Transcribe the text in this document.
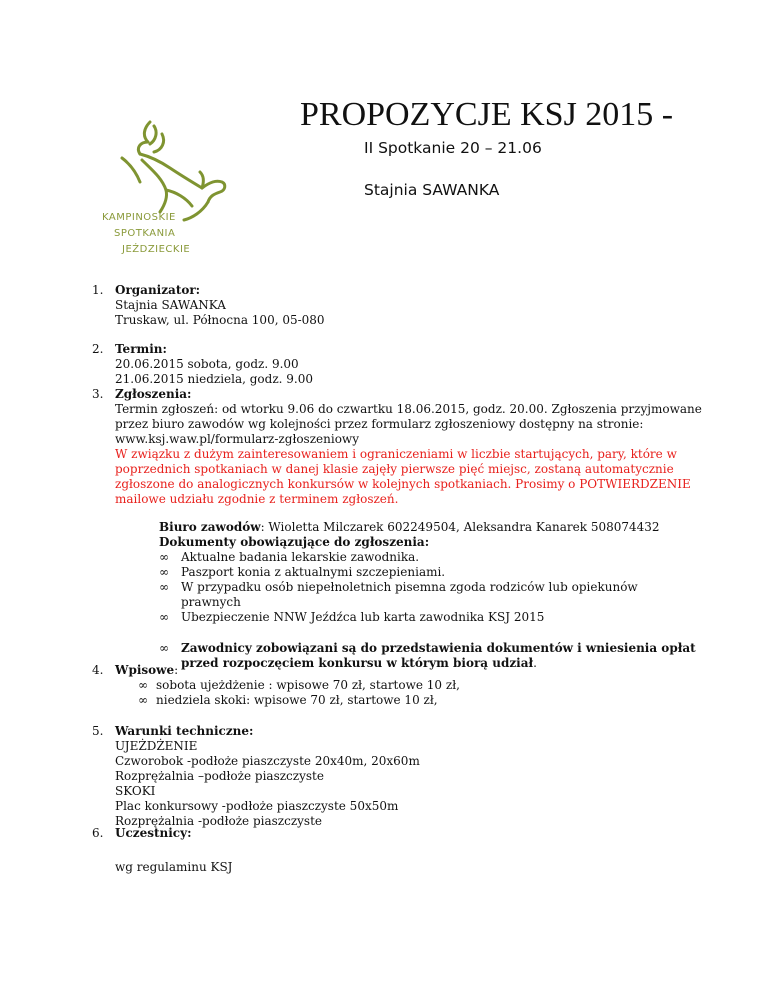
PROPOZYCJE KSJ 2015 -
II Spotkanie 20 – 21.06
Stajnia SAWANKA
KAMPINOSKIE
SPOTKANIA
JEŹDZIECKIE
1. Organizator:
Stajnia SAWANKA
Truskaw, ul. Północna 100, 05-080
2. Termin:
20.06.2015 sobota, godz. 9.00
21.06.2015 niedziela, godz. 9.00
3. Zgłoszenia:
Termin zgłoszeń: od wtorku 9.06 do czwartku 18.06.2015, godz. 20.00. Zgłoszenia przyjmowane
przez biuro zawodów wg kolejności przez formularz zgłoszeniowy dostępny na stronie:
www.ksj.waw.pl/formularz-zgłoszeniowy
W związku z dużym zainteresowaniem i ograniczeniami w liczbie startujących, pary, które w
poprzednich spotkaniach w danej klasie zajęły pierwsze pięć miejsc, zostaną automatycznie
zgłoszone do analogicznych konkursów w kolejnych spotkaniach. Prosimy o POTWIERDZENIE
mailowe udziału zgodnie z terminem zgłoszeń.
Biuro zawodów: Wioletta Milczarek 602249504, Aleksandra Kanarek 508074432
Dokumenty obowiązujące do zgłoszenia:
∞ Aktualne badania lekarskie zawodnika.
∞ Paszport konia z aktualnymi szczepieniami.
∞ W przypadku osób niepełnoletnich pisemna zgoda rodziców lub opiekunów
prawnych
∞ Ubezpieczenie NNW Jeźdźca lub karta zawodnika KSJ 2015
∞ Zawodnicy zobowiązani są do przedstawienia dokumentów i wniesienia opłat
przed rozpoczęciem konkursu w którym biorą udział.
4. Wpisowe:
∞ sobota ujeżdżenie : wpisowe 70 zł, startowe 10 zł,
∞ niedziela skoki: wpisowe 70 zł, startowe 10 zł,
5. Warunki techniczne:
UJEŻDŻENIE
Czworobok -podłoże piaszczyste 20x40m, 20x60m
Rozprężalnia –podłoże piaszczyste
SKOKI
Plac konkursowy -podłoże piaszczyste 50x50m
Rozprężalnia -podłoże piaszczyste
6. Uczestnicy:
wg regulaminu KSJ
